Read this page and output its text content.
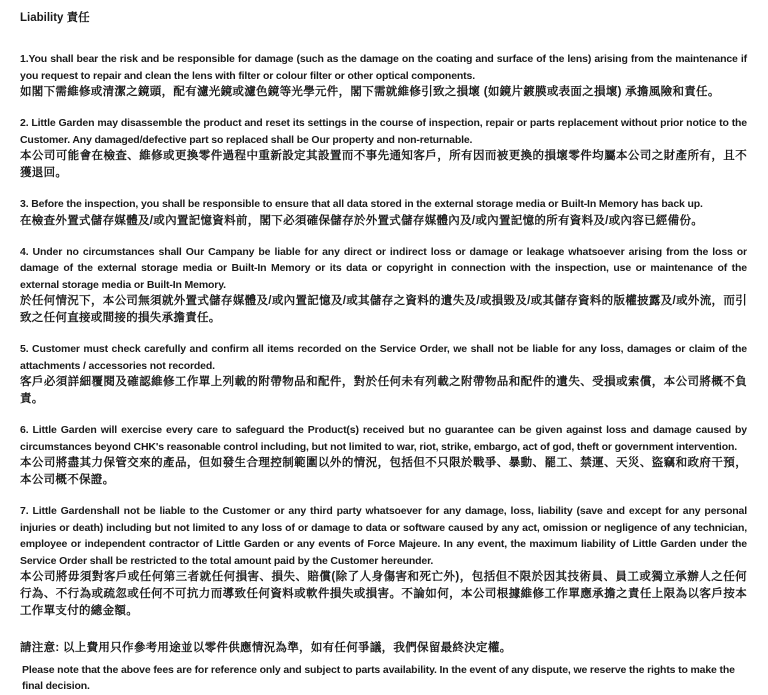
Liability 責任

1.You shall bear the risk and be responsible for damage (such as the damage on the coating and surface of the lens) arising from the maintenance if you request to repair and clean the lens with filter or colour filter or other optical components.

如閣下需維修或清潔之鏡頭，配有濾光鏡或濾色鏡等光學元件，閣下需就維修引致之損壞 (如鏡片鍍膜或表面之損壞) 承擔風險和責任。

2. Little Garden may disassemble the product and reset its settings in the course of inspection, repair or parts replacement without prior notice to the Customer. Any damaged/defective part so replaced shall be Our property and non-returnable.

本公司可能會在檢查、維修或更換零件過程中重新設定其設置而不事先通知客戶，所有因而被更換的損壞零件均屬本公司之財產所有，且不獲退回。

3. Before the inspection, you shall be responsible to ensure that all data stored in the external storage media or Built-In Memory has back up.

在檢查外置式儲存媒體及/或內置記憶資料前，閣下必須確保儲存於外置式儲存媒體內及/或內置記憶的所有資料及/或內容已經備份。

4. Under no circumstances shall Our Campany be liable for any direct or indirect loss or damage or leakage whatsoever arising from the loss or damage of the external storage media or Built-In Memory or its data or copyright in connection with the inspection, use or maintenance of the external storage media or Built-In Memory.

於任何情況下，本公司無須就外置式儲存媒體及/或內置記憶及/或其儲存之資料的遺失及/或損毀及/或其儲存資料的版權披露及/或外流，而引致之任何直接或間接的損失承擔責任。

5. Customer must check carefully and confirm all items recorded on the Service Order, we shall not be liable for any loss, damages or claim of the attachments / accessories not recorded.

客戶必須詳細覆閱及確認維修工作單上列載的附帶物品和配件，對於任何未有列載之附帶物品和配件的遺失、受損或索償，本公司將概不負責。

6. Little Garden will exercise every care to safeguard the Product(s) received but no guarantee can be given against loss and damage caused by circumstances beyond CHK's reasonable control including, but not limited to war, riot, strike, embargo, act of god, theft or government intervention.

本公司將盡其力保管交來的產品，但如發生合理控制範圍以外的情況，包括但不只限於戰爭、暴動、罷工、禁運、天災、盜竊和政府干預，本公司概不保證。

7. Little Gardenshall not be liable to the Customer or any third party whatsoever for any damage, loss, liability (save and except for any personal injuries or death) including but not limited to any loss of or damage to data or software caused by any act, omission or negligence of any technician, employee or independent contractor of Little Garden or any events of Force Majeure. In any event, the maximum liability of Little Garden under the Service Order shall be restricted to the total amount paid by the Customer hereunder.

本公司將毋須對客戶或任何第三者就任何損害、損失、賠償(除了人身傷害和死亡外)，包括但不限於因其技術員、員工或獨立承辦人之任何行為、不行為或疏忽或任何不可抗力而導致任何資料或軟件損失或損害。不論如何，本公司根據維修工作單應承擔之責任上限為以客戶按本工作單支付的總金額。

請注意: 以上費用只作參考用途並以零件供應情況為準，如有任何爭議，我們保留最終決定權。

Please note that the above fees are for reference only and subject to parts availability. In the event of any dispute, we reserve the rights to make the final decision.
